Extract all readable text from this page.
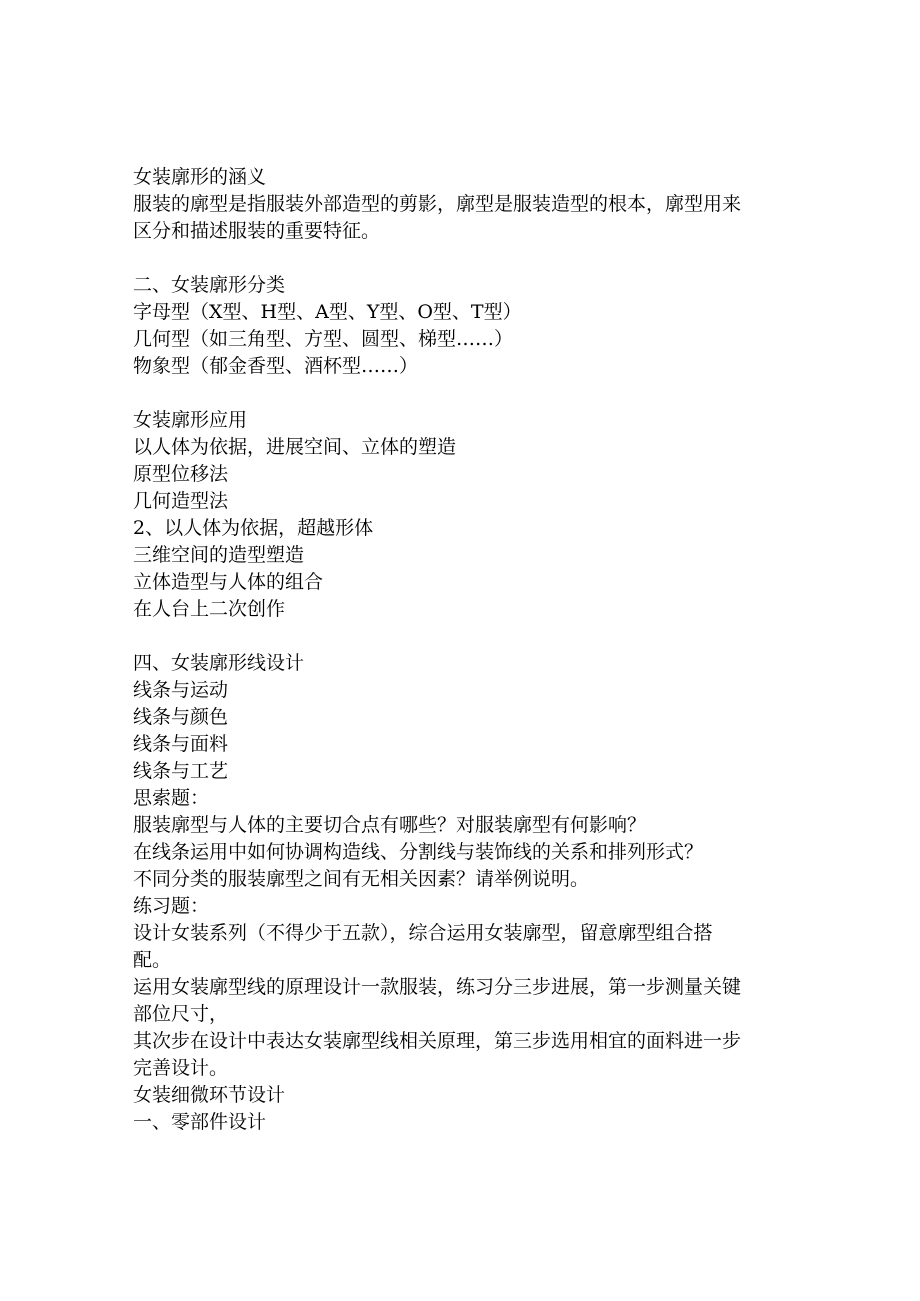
女装廓形的涵义
服装的廓型是指服装外部造型的剪影，廓型是服装造型的根本，廓型用来
区分和描述服装的重要特征。
二、女装廓形分类
字母型（X型、H型、A型、Y型、O型、T型）
几何型（如三角型、方型、圆型、梯型……）
物象型（郁金香型、酒杯型……）
女装廓形应用
以人体为依据，进展空间、立体的塑造
原型位移法
几何造型法
2、以人体为依据，超越形体
三维空间的造型塑造
立体造型与人体的组合
在人台上二次创作
四、女装廓形线设计
线条与运动
线条与颜色
线条与面料
线条与工艺
思索题：
服装廓型与人体的主要切合点有哪些？对服装廓型有何影响？
在线条运用中如何协调构造线、分割线与装饰线的关系和排列形式？
不同分类的服装廓型之间有无相关因素？请举例说明。
练习题：
设计女装系列（不得少于五款），综合运用女装廓型，留意廓型组合搭
配。
运用女装廓型线的原理设计一款服装，练习分三步进展，第一步测量关键
部位尺寸，
其次步在设计中表达女装廓型线相关原理，第三步选用相宜的面料进一步
完善设计。
女装细微环节设计
一、零部件设计
